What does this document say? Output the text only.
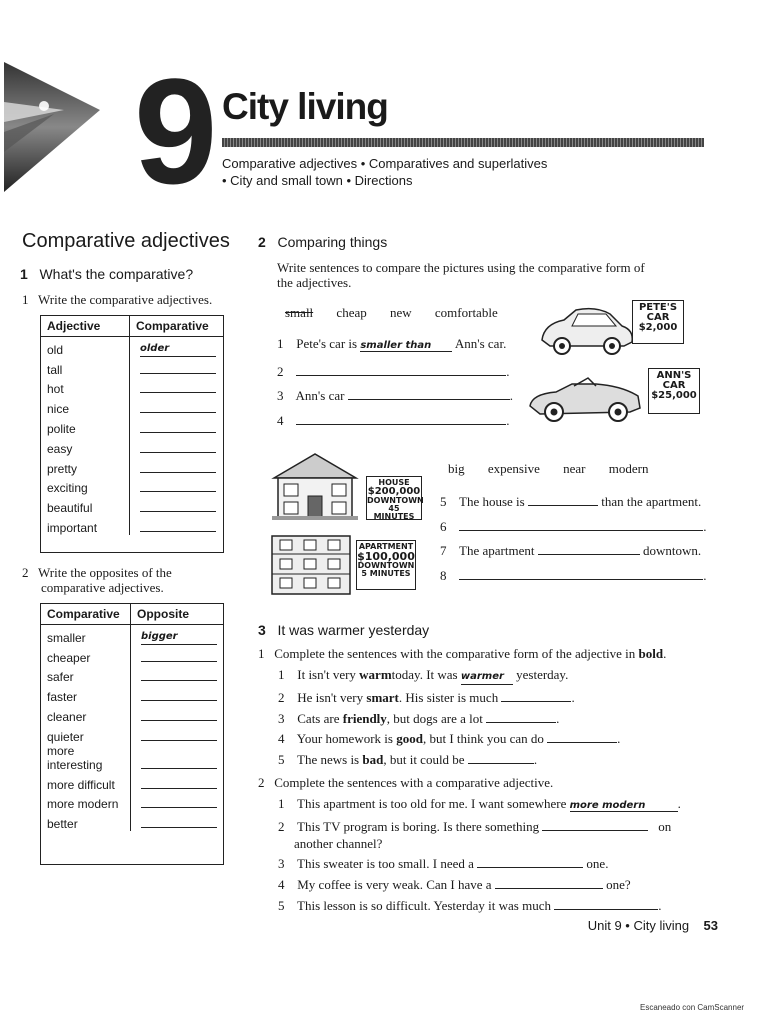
9 City living
Comparative adjectives • Comparatives and superlatives
• City and small town • Directions
Comparative adjectives
1 What's the comparative?
1 Write the comparative adjectives.
Adjective	Comparative
old	older
tall	
hot	
nice	
polite	
easy	
pretty	
exciting	
beautiful	
important	
2 Write the opposites of the
comparative adjectives.
Comparative	Opposite
smaller	bigger
cheaper	
safer	
faster	
cleaner	
quieter	
more interesting	
more difficult	
more modern	
better	
2 Comparing things
Write sentences to compare the pictures using the comparative form of
the adjectives.
small cheap new comfortable
1 Pete's car is smaller than Ann's car.
2	.
3 Ann's car	.
4	.
PETE'S
CAR
$2,000
ANN'S
CAR
$25,000
HOUSE
$200,000
DOWNTOWN
45 MINUTES
APARTMENT
$100,000
DOWNTOWN
5 MINUTES
big expensive near modern
5 The house is	than the apartment.
6	.
7 The apartment	downtown.
8	.
3 It was warmer yesterday
1 Complete the sentences with the comparative form of the adjective in bold.
1 It isn't very warmtoday. It was warmer yesterday.
2 He isn't very smart. His sister is much	.
3 Cats are friendly, but dogs are a lot	.
4 Your homework is good, but I think you can do	.
5 The news is bad, but it could be	.
2 Complete the sentences with a comparative adjective.
1 This apartment is too old for me. I want somewhere more modern .
2 This TV program is boring. Is there something	on
another channel?
3 This sweater is too small. I need a	one.
4 My coffee is very weak. Can I have a	one?
5 This lesson is so difficult. Yesterday it was much	.
Unit 9 • City living 53
Escaneado con CamScanner
